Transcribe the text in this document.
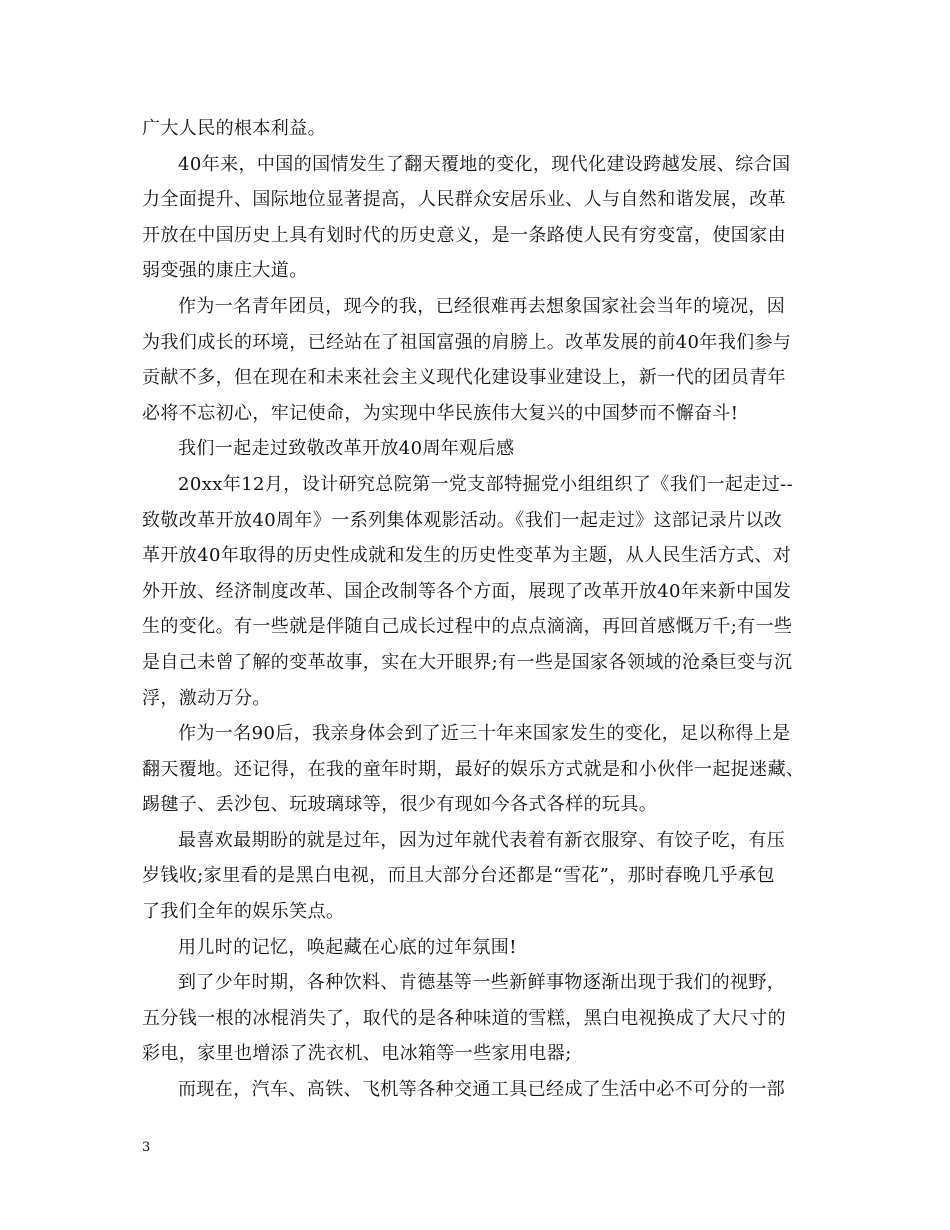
广大人民的根本利益。
40年来，中国的国情发生了翻天覆地的变化，现代化建设跨越发展、综合国
力全面提升、国际地位显著提高，人民群众安居乐业、人与自然和谐发展，改革
开放在中国历史上具有划时代的历史意义，是一条路使人民有穷变富，使国家由
弱变强的康庄大道。
作为一名青年团员，现今的我，已经很难再去想象国家社会当年的境况，因
为我们成长的环境，已经站在了祖国富强的肩膀上。改革发展的前40年我们参与
贡献不多，但在现在和未来社会主义现代化建设事业建设上，新一代的团员青年
必将不忘初心，牢记使命，为实现中华民族伟大复兴的中国梦而不懈奋斗!
我们一起走过致敬改革开放40周年观后感
20xx年12月，设计研究总院第一党支部特掘党小组组织了《我们一起走过--
致敬改革开放40周年》一系列集体观影活动。《我们一起走过》这部记录片以改
革开放40年取得的历史性成就和发生的历史性变革为主题，从人民生活方式、对
外开放、经济制度改革、国企改制等各个方面，展现了改革开放40年来新中国发
生的变化。有一些就是伴随自己成长过程中的点点滴滴，再回首感慨万千;有一些
是自己未曾了解的变革故事，实在大开眼界;有一些是国家各领域的沧桑巨变与沉
浮，激动万分。
作为一名90后，我亲身体会到了近三十年来国家发生的变化，足以称得上是
翻天覆地。还记得，在我的童年时期，最好的娱乐方式就是和小伙伴一起捉迷藏、
踢毽子、丢沙包、玩玻璃球等，很少有现如今各式各样的玩具。
最喜欢最期盼的就是过年，因为过年就代表着有新衣服穿、有饺子吃，有压
岁钱收;家里看的是黑白电视，而且大部分台还都是“雪花”，那时春晚几乎承包
了我们全年的娱乐笑点。
用儿时的记忆，唤起藏在心底的过年氛围!
到了少年时期，各种饮料、肯德基等一些新鲜事物逐渐出现于我们的视野，
五分钱一根的冰棍消失了，取代的是各种味道的雪糕，黑白电视换成了大尺寸的
彩电，家里也增添了洗衣机、电冰箱等一些家用电器;
而现在，汽车、高铁、飞机等各种交通工具已经成了生活中必不可分的一部
3
